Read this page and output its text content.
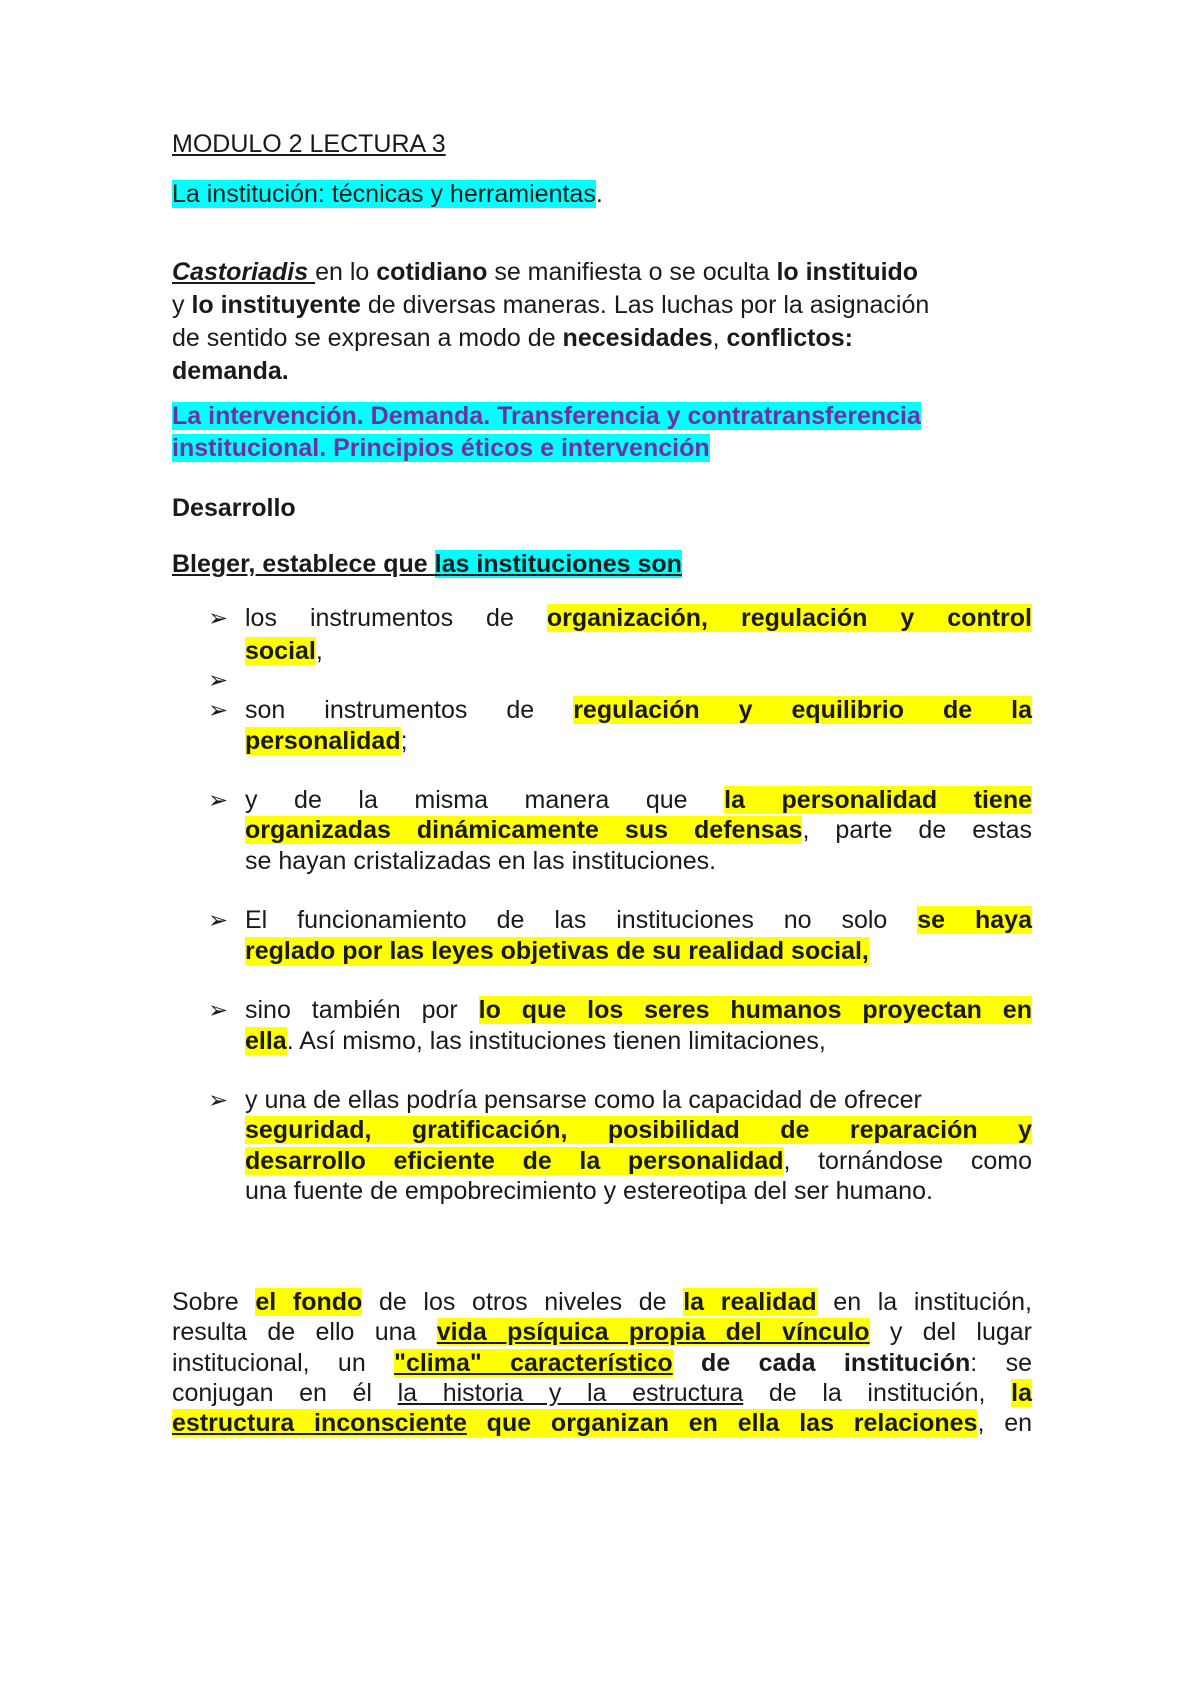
MODULO 2 LECTURA 3

La institución: técnicas y herramientas.

Castoriadis en lo cotidiano se manifiesta o se oculta lo instituido

y lo instituyente de diversas maneras. Las luchas por la asignación

de sentido se expresan a modo de necesidades, conflictos:

demanda.

La intervención. Demanda. Transferencia y contratransferencia

institucional. Principios éticos e intervención

Desarrollo

Bleger, establece que las instituciones son

➢ los instrumentos de organización, regulación y control
social,
➢
➢ son instrumentos de regulación y equilibrio de la
personalidad;
➢ y de la misma manera que la personalidad tiene
organizadas dinámicamente sus defensas, parte de estas
se hayan cristalizadas en las instituciones.
➢ El funcionamiento de las instituciones no solo se haya
reglado por las leyes objetivas de su realidad social,
➢ sino también por lo que los seres humanos proyectan en
ella. Así mismo, las instituciones tienen limitaciones,
➢ y una de ellas podría pensarse como la capacidad de ofrecer
seguridad, gratificación, posibilidad de reparación y
desarrollo eficiente de la personalidad, tornándose como
una fuente de empobrecimiento y estereotipa del ser humano.

Sobre el fondo de los otros niveles de la realidad en la institución,

resulta de ello una vida psíquica propia del vínculo y del lugar

institucional, un "clima" característico de cada institución: se

conjugan en él la historia y la estructura de la institución, la

estructura inconsciente que organizan en ella las relaciones, en
